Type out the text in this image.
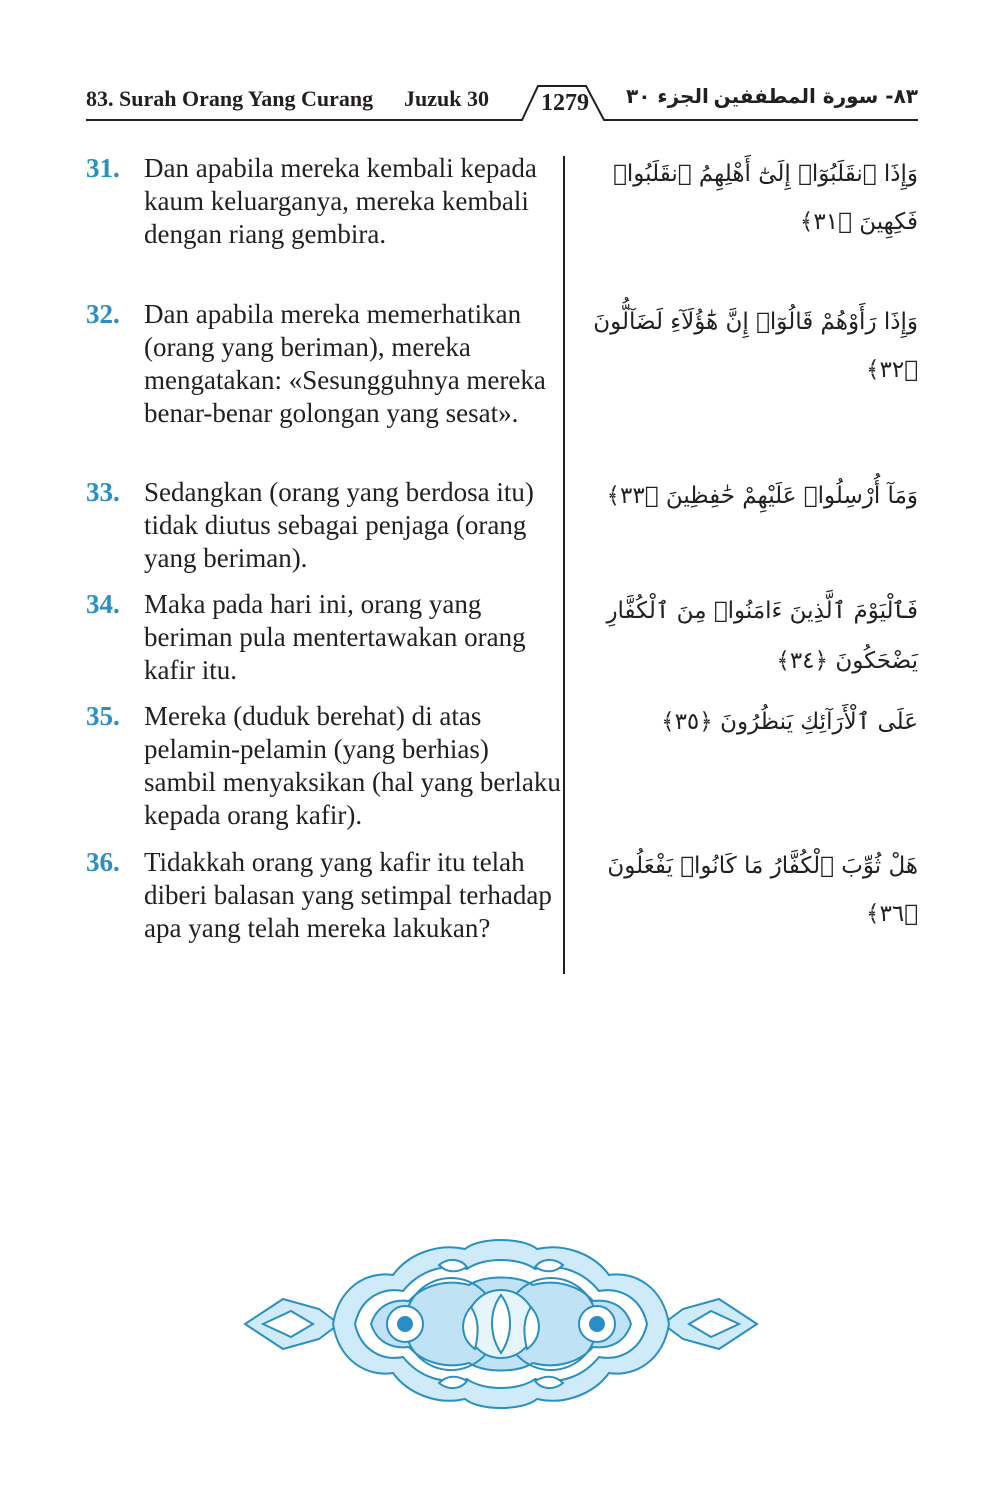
83. Surah Orang Yang Curang Juzuk 30 1279 الجزء ٣٠ ٨٣- سورة المطففين
31. Dan apabila mereka kembali kepada kaum keluarganya, mereka kembali dengan riang gembira.
وَإِذَا ٱنقَلَبُوٓا۟ إِلَىٰٓ أَهْلِهِمُ ٱنقَلَبُوا۟ فَكِهِينَ ﴿٣١﴾
32. Dan apabila mereka memerhatikan (orang yang beriman), mereka mengatakan: «Sesungguhnya mereka benar-benar golongan yang sesat».
وَإِذَا رَأَوْهُمْ قَالُوٓا۟ إِنَّ هَٰٓؤُلَآءِ لَضَآلُّونَ ﴿٣٢﴾
33. Sedangkan (orang yang berdosa itu) tidak diutus sebagai penjaga (orang yang beriman).
وَمَآ أُرْسِلُوا۟ عَلَيْهِمْ حَٰفِظِينَ ﴿٣٣﴾
34. Maka pada hari ini, orang yang beriman pula mentertawakan orang kafir itu.
فَٱلْيَوْمَ ٱلَّذِينَ ءَامَنُوا۟ مِنَ ٱلْكُفَّارِ يَضْحَكُونَ ﴿٣٤﴾
35. Mereka (duduk berehat) di atas pelamin-pelamin (yang berhias) sambil menyaksikan (hal yang berlaku kepada orang kafir).
عَلَى ٱلْأَرَآئِكِ يَنظُرُونَ ﴿٣٥﴾
36. Tidakkah orang yang kafir itu telah diberi balasan yang setimpal terhadap apa yang telah mereka lakukan?
هَلْ ثُوِّبَ ٱلْكُفَّارُ مَا كَانُوا۟ يَفْعَلُونَ ﴿٣٦﴾
